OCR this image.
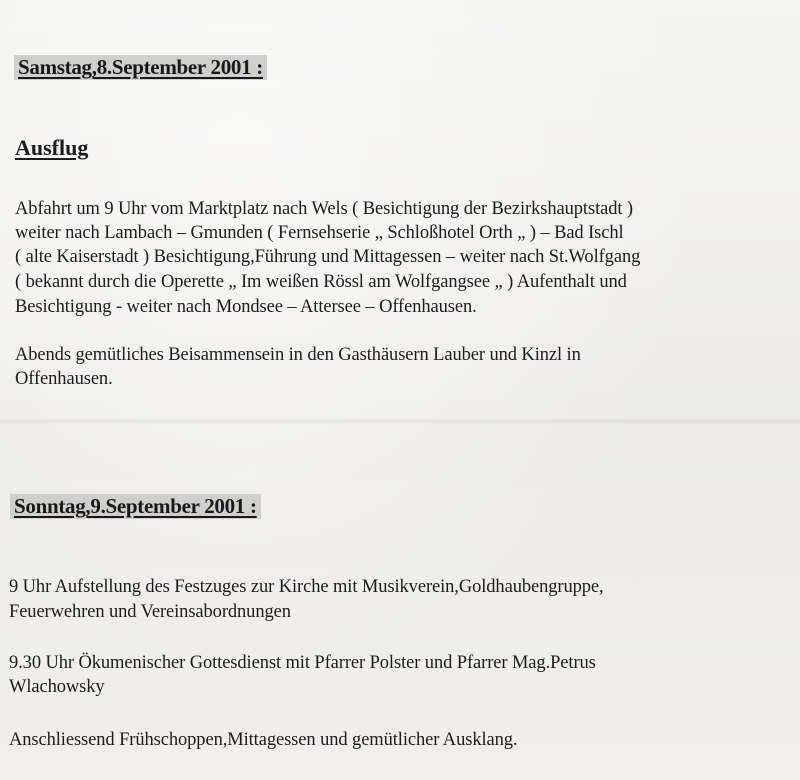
Samstag,8.September 2001 :
Ausflug
Abfahrt um 9 Uhr vom Marktplatz nach Wels ( Besichtigung der Bezirkshauptstadt )
weiter nach Lambach – Gmunden ( Fernsehserie „ Schloßhotel Orth „ ) – Bad Ischl
( alte Kaiserstadt ) Besichtigung,Führung und Mittagessen – weiter nach St.Wolfgang
( bekannt durch die Operette „ Im weißen Rössl am Wolfgangsee „ ) Aufenthalt und
Besichtigung - weiter nach Mondsee – Attersee – Offenhausen.
Abends gemütliches Beisammensein in den Gasthäusern Lauber und Kinzl in
Offenhausen.
Sonntag,9.September 2001 :
9 Uhr Aufstellung des Festzuges zur Kirche mit Musikverein,Goldhaubengruppe,
Feuerwehren und Vereinsabordnungen
9.30 Uhr Ökumenischer Gottesdienst mit Pfarrer Polster und Pfarrer Mag.Petrus
Wlachowsky
Anschliessend Frühschoppen,Mittagessen und gemütlicher Ausklang.
